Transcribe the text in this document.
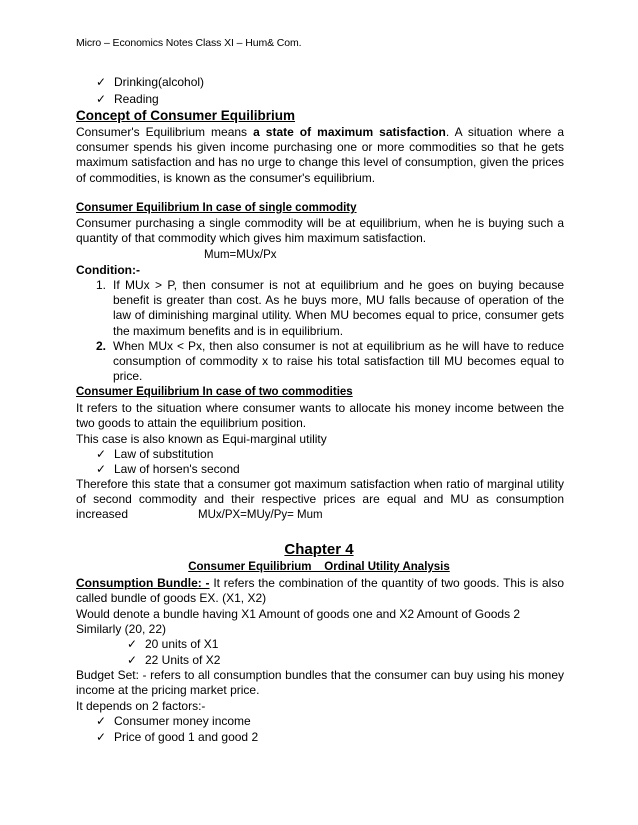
Micro – Economics Notes Class XI – Hum& Com.
✓ Drinking(alcohol)
✓ Reading
Concept of Consumer Equilibrium
Consumer's Equilibrium means a state of maximum satisfaction. A situation where a consumer spends his given income purchasing one or more commodities so that he gets maximum satisfaction and has no urge to change this level of consumption, given the prices of commodities, is known as the consumer's equilibrium.
Consumer Equilibrium In case of single commodity
Consumer purchasing a single commodity will be at equilibrium, when he is buying such a quantity of that commodity which gives him maximum satisfaction.
Mum=MUx/Px
Condition:-
1. If MUx > P, then consumer is not at equilibrium and he goes on buying because benefit is greater than cost. As he buys more, MU falls because of operation of the law of diminishing marginal utility. When MU becomes equal to price, consumer gets the maximum benefits and is in equilibrium.
2. When MUx < Px, then also consumer is not at equilibrium as he will have to reduce consumption of commodity x to raise his total satisfaction till MU becomes equal to price.
Consumer Equilibrium In case of two commodities
It refers to the situation where consumer wants to allocate his money income between the two goods to attain the equilibrium position.
This case is also known as Equi-marginal utility
✓ Law of substitution
✓ Law of horsen's second
Therefore this state that a consumer got maximum satisfaction when ratio of marginal utility of second commodity and their respective prices are equal and MU as consumption increased	MUx/PX=MUy/Py= Mum
Chapter 4
Consumer Equilibrium _ Ordinal Utility Analysis
Consumption Bundle: - It refers the combination of the quantity of two goods. This is also called bundle of goods EX. (X1, X2)
Would denote a bundle having X1 Amount of goods one and X2 Amount of Goods 2
Similarly (20, 22)
✓ 20 units of X1
✓ 22 Units of X2
Budget Set: - refers to all consumption bundles that the consumer can buy using his money income at the pricing market price.
It depends on 2 factors:-
✓ Consumer money income
✓ Price of good 1 and good 2
